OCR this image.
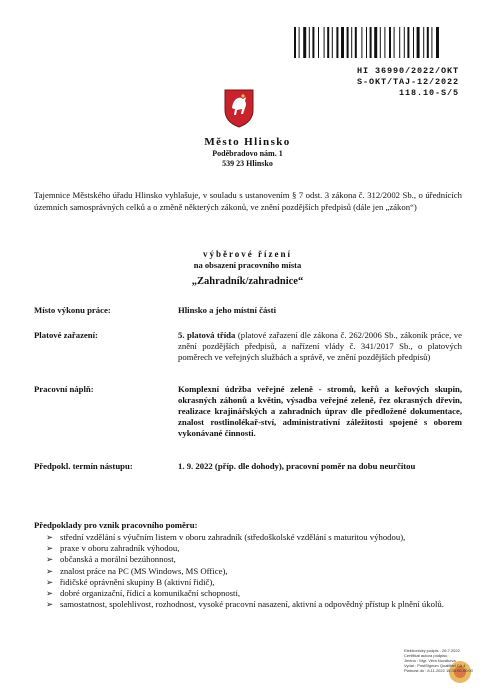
HI 36990/2022/OKT
S-OKT/TAJ-12/2022
118.10-S/5
Město Hlinsko
Poděbradovo nám. 1
539 23 Hlinsko
Tajemnice Městského úřadu Hlinsko vyhlašuje, v souladu s ustanovením § 7 odst. 3 zákona č. 312/2002 Sb., o úřednících územních samosprávných celků a o změně některých zákonů, ve znění pozdějších předpisů (dále jen „zákon“)
výběrové řízení
na obsazení pracovního místa
„Zahradník/zahradnice“
Místo výkonu práce:	Hlinsko a jeho místní části
Platové zařazení:	5. platová třída (platové zařazení dle zákona č. 262/2006 Sb., zákoník práce, ve znění pozdějších předpisů, a nařízení vlády č. 341/2017 Sb., o platových poměrech ve veřejných službách a správě, ve znění pozdějších předpisů)
Pracovní náplň:	Komplexní údržba veřejné zeleně - stromů, keřů a keřových skupin, okrasných záhonů a květin, výsadba veřejné zeleně, řez okrasných dřevin, realizace krajinářských a zahradních úprav dle předložené dokumentace, znalost rostlinolékař-ství, administrativní záležitosti spojené s oborem vykonávané činnosti.
Předpokl. termín nástupu:	1. 9. 2022 (příp. dle dohody), pracovní poměr na dobu neurčitou
Předpoklady pro vznik pracovního poměru:
➢ střední vzdělání s výučním listem v oboru zahradník (středoškolské vzdělání s maturitou výhodou),
➢ praxe v oboru zahradník výhodou,
➢ občanská a morální bezúhonnost,
➢ znalost práce na PC (MS Windows, MS Office),
➢ řidičské oprávnění skupiny B (aktivní řidič),
➢ dobré organizační, řídicí a komunikační schopnosti,
➢ samostatnost, spolehlivost, rozhodnost, vysoké pracovní nasazení, aktivní a odpovědný přístup k plnění úkolů.
Elektronický podpis - 26.7.2022
Certifikát autora podpisu :
Jméno : Mgr. Věra Nováková
Vydal : PostSignum Qualified CA 4
Platnost do : 8.11.2022 15:30:00-00:00
